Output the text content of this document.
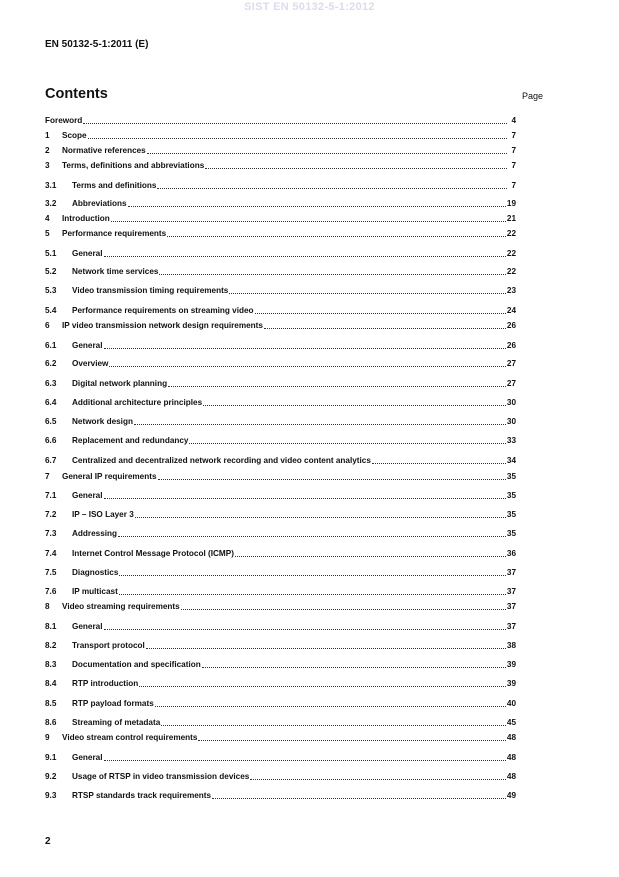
SIST EN 50132-5-1:2012
EN 50132-5-1:2011 (E)
Contents	Page
Foreword	4
1	Scope	7
2	Normative references	7
3	Terms, definitions and abbreviations	7
3.1	Terms and definitions	7
3.2	Abbreviations	19
4	Introduction	21
5	Performance requirements	22
5.1	General	22
5.2	Network time services	22
5.3	Video transmission timing requirements	23
5.4	Performance requirements on streaming video	24
6	IP video transmission network design requirements	26
6.1	General	26
6.2	Overview	27
6.3	Digital network planning	27
6.4	Additional architecture principles	30
6.5	Network design	30
6.6	Replacement and redundancy	33
6.7	Centralized and decentralized network recording and video content analytics	34
7	General IP requirements	35
7.1	General	35
7.2	IP – ISO Layer 3	35
7.3	Addressing	35
7.4	Internet Control Message Protocol (ICMP)	36
7.5	Diagnostics	37
7.6	IP multicast	37
8	Video streaming requirements	37
8.1	General	37
8.2	Transport protocol	38
8.3	Documentation and specification	39
8.4	RTP introduction	39
8.5	RTP payload formats	40
8.6	Streaming of metadata	45
9	Video stream control requirements	48
9.1	General	48
9.2	Usage of RTSP in video transmission devices	48
9.3	RTSP standards track requirements	49
2
